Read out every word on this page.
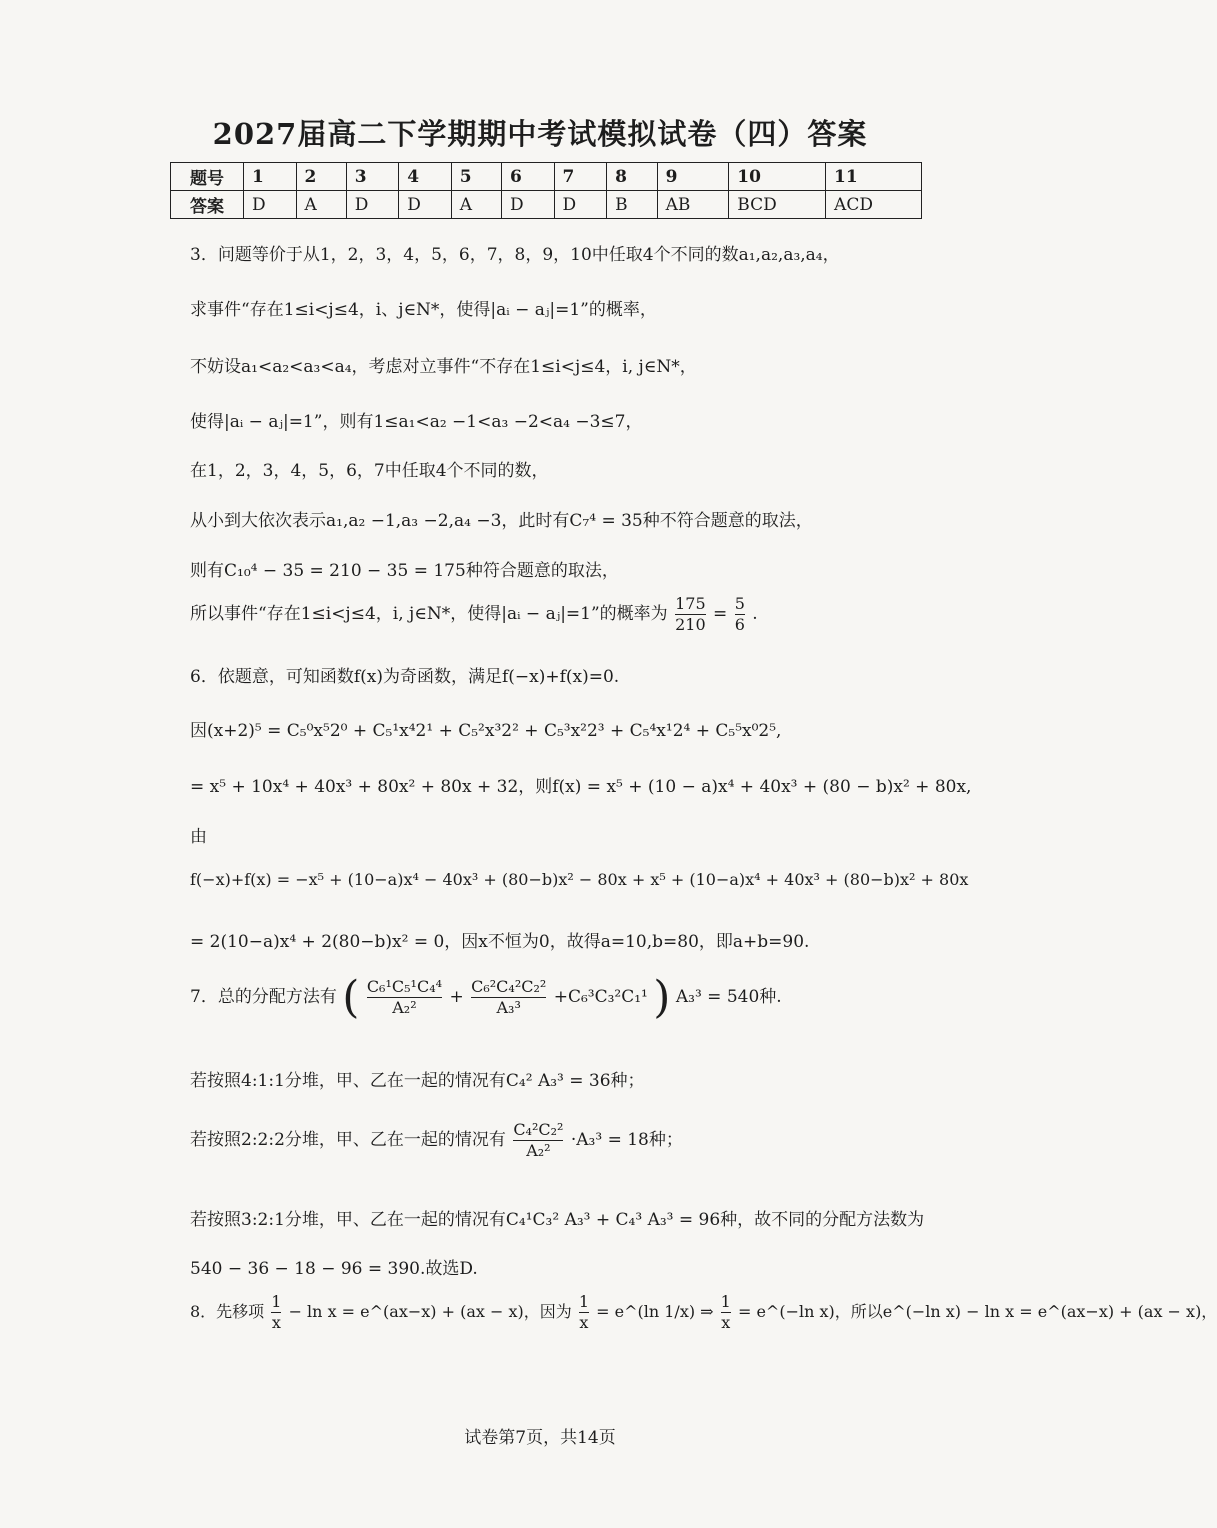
2027届高二下学期期中考试模拟试卷（四）答案
题号	1	2	3	4	5	6	7	8	9	10	11
答案	D	A	D	D	A	D	D	B	AB	BCD	ACD
3．问题等价于从1，2，3，4，5，6，7，8，9，10中任取4个不同的数a₁,a₂,a₃,a₄，
求事件“存在1≤i<j≤4，i、j∈N*，使得|aᵢ − aⱼ|=1”的概率，
不妨设a₁<a₂<a₃<a₄，考虑对立事件“不存在1≤i<j≤4，i, j∈N*，
使得|aᵢ − aⱼ|=1”，则有1≤a₁<a₂ −1<a₃ −2<a₄ −3≤7，
在1，2，3，4，5，6，7中任取4个不同的数，
从小到大依次表示a₁,a₂ −1,a₃ −2,a₄ −3，此时有C₇⁴ = 35种不符合题意的取法，
则有C₁₀⁴ − 35 = 210 − 35 = 175种符合题意的取法，
所以事件“存在1≤i<j≤4，i, j∈N*，使得|aᵢ − aⱼ|=1”的概率为 $\frac{175}{210} = \frac{5}{6}$ .
6．依题意，可知函数f(x)为奇函数，满足f(−x)+f(x)=0.
因(x+2)⁵ = C₅⁰x⁵2⁰ + C₅¹x⁴2¹ + C₅²x³2² + C₅³x²2³ + C₅⁴x¹2⁴ + C₅⁵x⁰2⁵,
= x⁵ + 10x⁴ + 40x³ + 80x² + 80x + 32，则f(x) = x⁵ + (10 − a)x⁴ + 40x³ + (80 − b)x² + 80x,
由
f(−x)+f(x) = −x⁵ + (10−a)x⁴ − 40x³ + (80−b)x² − 80x + x⁵ + (10−a)x⁴ + 40x³ + (80−b)x² + 80x
= 2(10−a)x⁴ + 2(80−b)x² = 0，因x不恒为0，故得a=10,b=80，即a+b=90.
7．总的分配方法有 ( $\frac{\text{C₆¹C₅¹C₄⁴}}{\text{A₂²}} + \frac{\text{C₆²C₄²C₂²}}{\text{A₃³}} +C_6^3C_3^2C_1^1$ ) A₃³ = 540种.
若按照4:1:1分堆，甲、乙在一起的情况有C₄² A₃³ = 36种；
若按照2:2:2分堆，甲、乙在一起的情况有 $\frac{\text{C₄²C₂²}}{\text{A₂²}} \cdot A_3^3 = 18$种；
若按照3:2:1分堆，甲、乙在一起的情况有C₄¹C₃² A₃³ + C₄³ A₃³ = 96种，故不同的分配方法数为
540 − 36 − 18 − 96 = 390.故选D.
8．先移项 $\frac{1}{x} - \ln x$ = e^(ax−x) + (ax − x)，因为 $\frac{1}{x}$ = e^(ln 1/x) ⇒ $\frac{1}{x}$ = e^(−ln x)，所以e^(−ln x) − ln x = e^(ax−x) + (ax − x)，
试卷第7页，共14页
